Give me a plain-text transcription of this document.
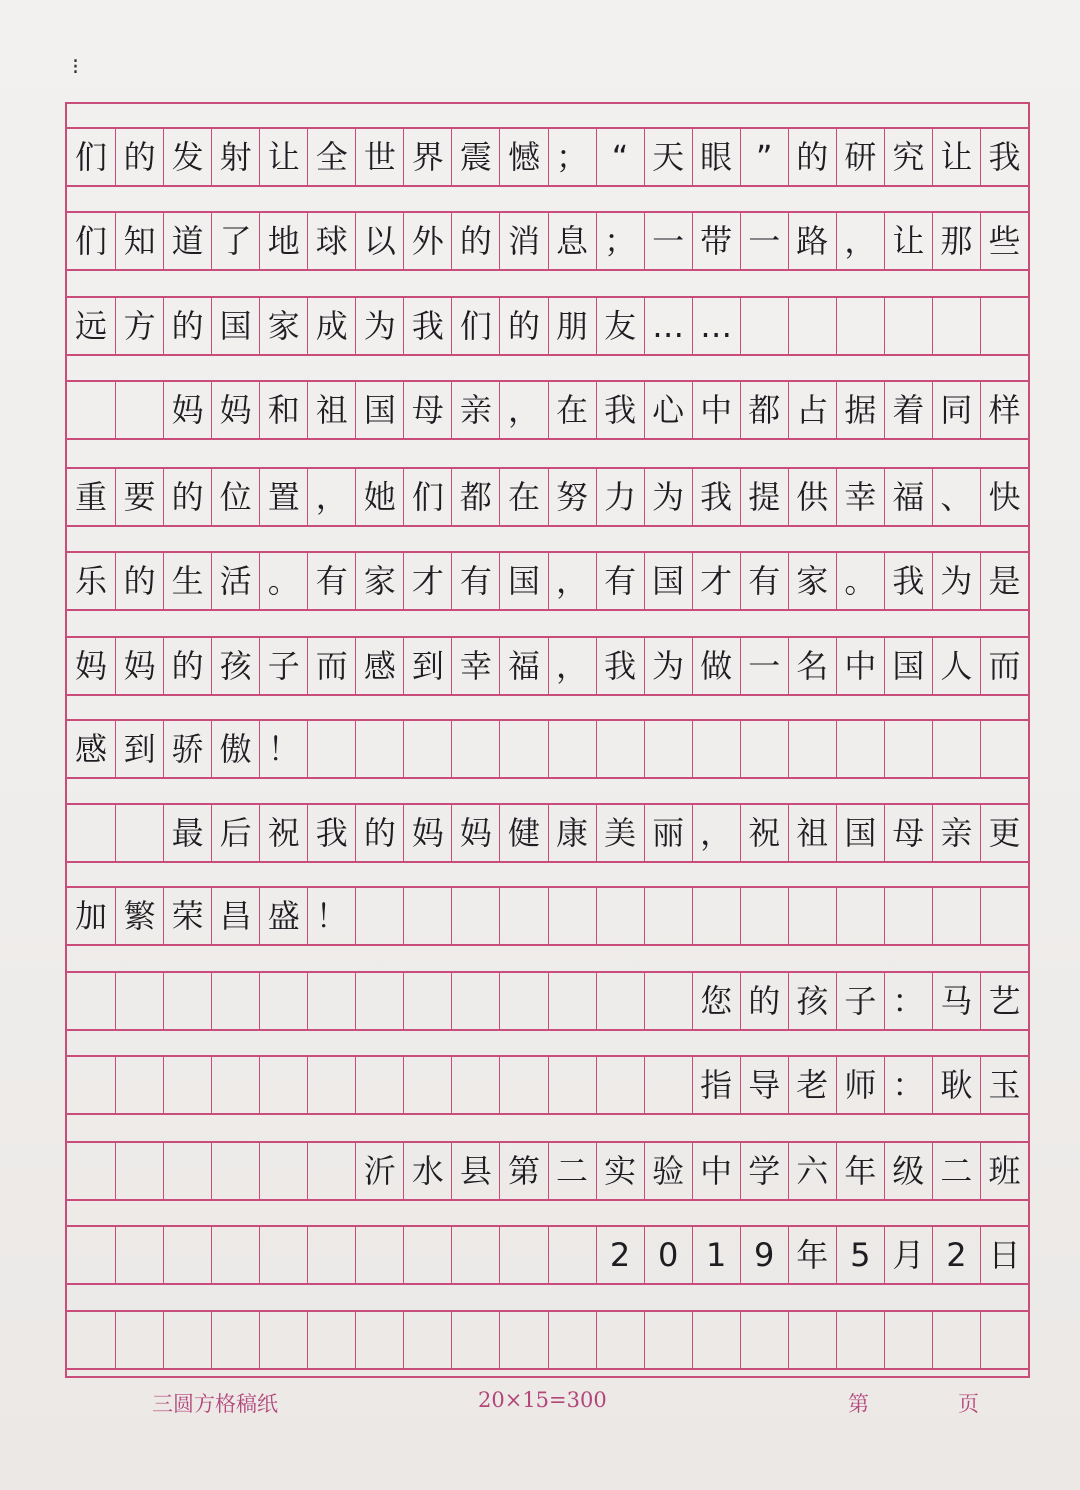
⁝
们 的 发 射 让 全 世 界 震 憾 ； “ 天 眼 ” 的 研 究 让 我
们 知 道 了 地 球 以 外 的 消 息 ； 一 带 一 路 ， 让 那 些
远 方 的 国 家 成 为 我 们 的 朋 友 … …
妈 妈 和 祖 国 母 亲 ， 在 我 心 中 都 占 据 着 同 样
重 要 的 位 置 ， 她 们 都 在 努 力 为 我 提 供 幸 福 、 快
乐 的 生 活 。 有 家 才 有 国 ， 有 国 才 有 家 。 我 为 是
妈 妈 的 孩 子 而 感 到 幸 福 ， 我 为 做 一 名 中 国 人 而
感 到 骄 傲 ！
最 后 祝 我 的 妈 妈 健 康 美 丽 ， 祝 祖 国 母 亲 更
加 繁 荣 昌 盛 ！
您 的 孩 子 ： 马 艺
指 导 老 师 ： 耿 玉
沂 水 县 第 二 实 验 中 学 六 年 级 二 班
2 0 1 9 年 5 月 2 日
三圆方格稿纸	20×15=300	第	页
